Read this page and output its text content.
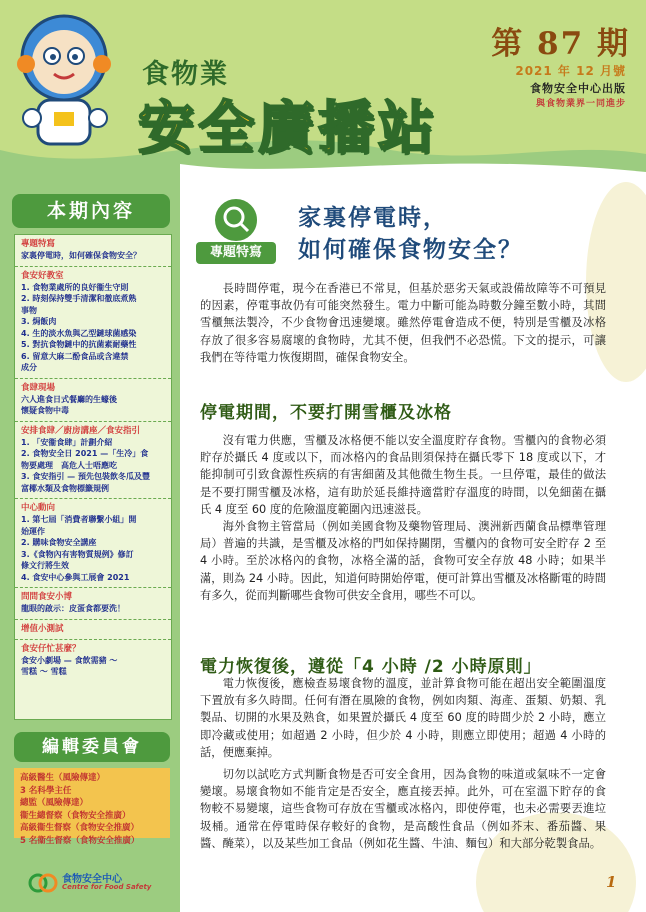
食物業
安全廣播站
第 87 期
2021 年 12 月號
食物安全中心出版
與食物業界一同進步
本期內容
專題特寫
家裏停電時，如何確保食物安全？
食安好教室
1. 食物業處所的良好衞生守則
2. 時刻保持雙手清潔和徹底煮熟
事物
3. 焗飯肉
4. 生的淡水魚與乙型鏈球菌感染
5. 對抗食物鏈中的抗菌素耐藥性
6. 留意大麻二酚食品或含違禁
成分
食肆現場
六人進食日式餐廳的生蠔後
懷疑食物中毒
安排食肆／廚房講座／食安指引
1. 「安衞食肆」計劃介紹
2. 食物安全日 2021 —「生冷」食
物要處理　高危人士唔應吃
3. 食安指引 — 預先包裝飲冬瓜及豐
富椰水類及食物標籤規例
中心動向
1. 第七屆「消費者聯繫小組」開
始運作
2. 購味食物安全講座
3.《食物內有害物質規例》修訂
條文行將生效
4. 食安中心參與工展會 2021
問問食安小博
龍眼的啟示：皮蛋食都要洗！
增值小測試
食安仔忙甚麼？
食安小劇場 — 食飲需豬 ～
雪糕 ～ 雪糕
編輯委員會
高級醫生（風險傳達）
3 名科學主任
總監（風險傳達）
衞生總督察（食物安全推廣）
高級衞生督察（食物安全推廣）
5 名衞生督察（食物安全推廣）
食物安全中心
Centre for Food Safety
專題特寫
家裏停電時，
如何確保食物安全？

長時間停電，現今在香港已不常見，但基於惡劣天氣或設備故障等不可預見的因素，停電事故仍有可能突然發生。電力中斷可能為時數分鐘至數小時，其間雪櫃無法製冷，不少食物會迅速變壞。雖然停電會造成不便，特別是雪櫃及冰格存放了很多容易腐壞的食物時，尤其不便，但我們不必恐慌。下文的提示，可讓我們在等待電力恢復期間，確保食物安全。

停電期間，不要打開雪櫃及冰格

沒有電力供應，雪櫃及冰格便不能以安全溫度貯存食物。雪櫃內的食物必須貯存於攝氏 4 度或以下，而冰格內的食品則須保持在攝氏零下 18 度或以下，才能抑制可引致食源性疾病的有害細菌及其他微生物生長。一旦停電，最佳的做法是不要打開雪櫃及冰格，這有助於延長維持適當貯存溫度的時間，以免細菌在攝氏 4 度至 60 度的危險溫度範圍內迅速滋長。

海外食物主管當局（例如美國食物及藥物管理局、澳洲新西蘭食品標準管理局）普遍的共識，是雪櫃及冰格的門如保持關閉，雪櫃內的食物可安全貯存 2 至 4 小時。至於冰格內的食物，冰格全滿的話，食物可安全存放 48 小時；如果半滿，則為 24 小時。因此，知道何時開始停電，便可計算出雪櫃及冰格斷電的時間有多久，從而判斷哪些食物可供安全食用，哪些不可以。

電力恢復後，遵從「4 小時 /2 小時原則」

電力恢復後，應檢查易壞食物的溫度，並計算食物可能在超出安全範圍溫度下置放有多久時間。任何有潛在風險的食物，例如肉類、海產、蛋類、奶類、乳製品、切開的水果及熟食，如果置於攝氏 4 度至 60 度的時間少於 2 小時，應立即冷藏或使用；如超過 2 小時，但少於 4 小時，則應立即使用；超過 4 小時的話，便應棄掉。

切勿以試吃方式判斷食物是否可安全食用，因為食物的味道或氣味不一定會變壞。易壞食物如不能肯定是否安全，應直接丟掉。此外，可在室溫下貯存的食物較不易變壞，這些食物可存放在雪櫃或冰格內，即使停電，也未必需要丟進垃圾桶。通常在停電時保存較好的食物，是高酸性食品（例如芥末、番茄醬、果醬、醃菜），以及某些加工食品（例如花生醬、牛油、麵包）和大部分乾製食品。

1
